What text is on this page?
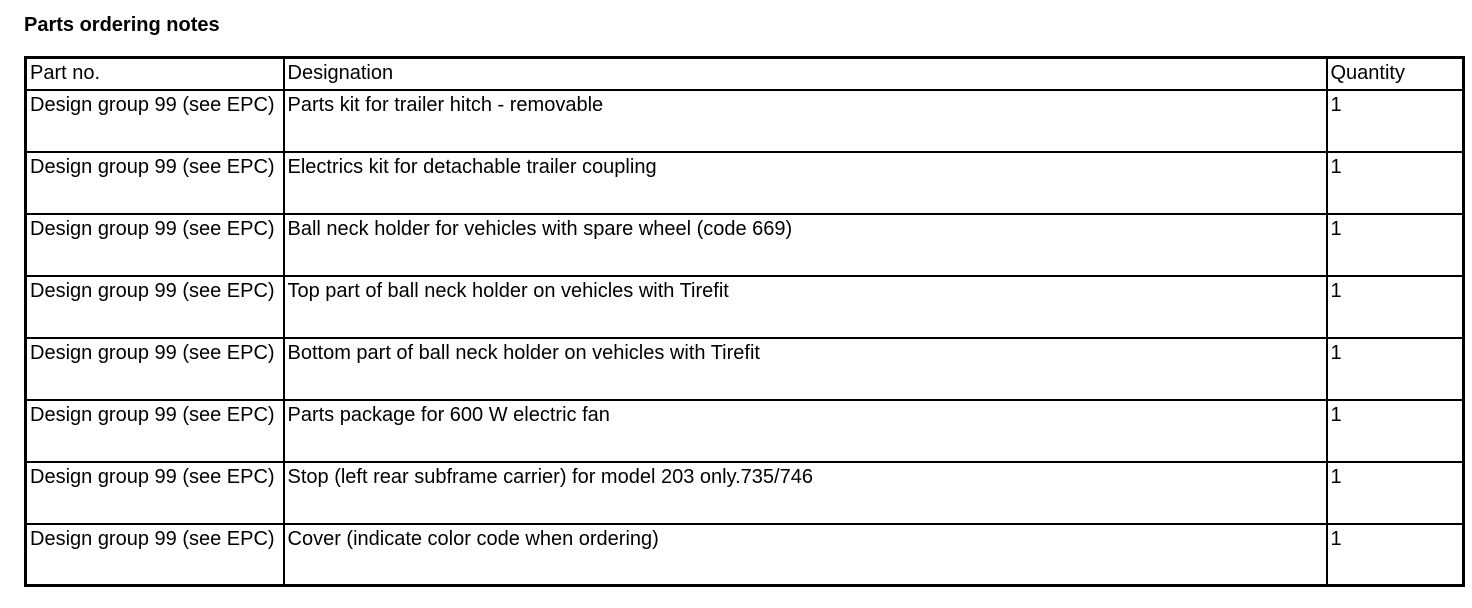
Parts ordering notes
Part no.	Designation	Quantity
Design group 99 (see EPC)	Parts kit for trailer hitch - removable	1
Design group 99 (see EPC)	Electrics kit for detachable trailer coupling	1
Design group 99 (see EPC)	Ball neck holder for vehicles with spare wheel (code 669)	1
Design group 99 (see EPC)	Top part of ball neck holder on vehicles with Tirefit	1
Design group 99 (see EPC)	Bottom part of ball neck holder on vehicles with Tirefit	1
Design group 99 (see EPC)	Parts package for 600 W electric fan	1
Design group 99 (see EPC)	Stop (left rear subframe carrier) for model 203 only.735/746	1
Design group 99 (see EPC)	Cover (indicate color code when ordering)	1
